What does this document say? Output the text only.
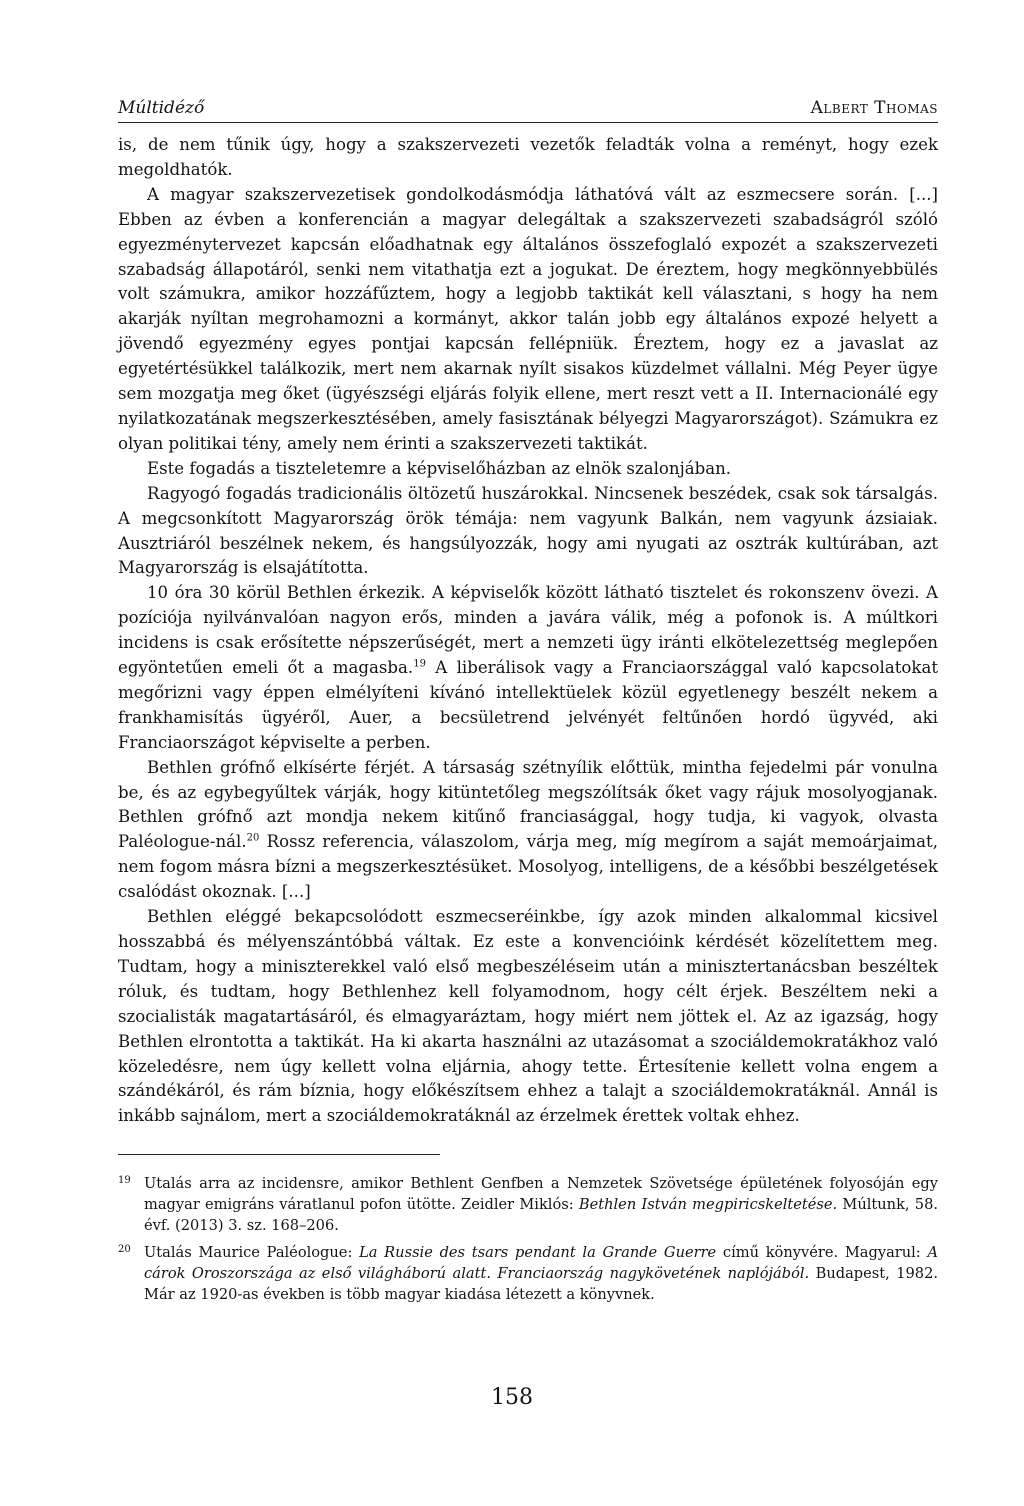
Múltidéző	Albert Thomas

is, de nem tűnik úgy, hogy a szakszervezeti vezetők feladták volna a reményt, hogy ezek megoldhatók.

A magyar szakszervezetisek gondolkodásmódja láthatóvá vált az eszmecsere során. [...] Ebben az évben a konferencián a magyar delegáltak a szakszervezeti szabadságról szóló egyezménytervezet kapcsán előadhatnak egy általános összefoglaló expozét a szakszervezeti szabadság állapotáról, senki nem vitathatja ezt a jogukat. De éreztem, hogy megkönnyebbülés volt számukra, amikor hozzáfűztem, hogy a legjobb taktikát kell választani, s hogy ha nem akarják nyíltan megrohamozni a kormányt, akkor talán jobb egy általános expozé helyett a jövendő egyezmény egyes pontjai kapcsán fellépniük. Éreztem, hogy ez a javaslat az egyetértésükkel találkozik, mert nem akarnak nyílt sisakos küzdelmet vállalni. Még Peyer ügye sem mozgatja meg őket (ügyészségi eljárás folyik ellene, mert reszt vett a II. Internacionálé egy nyilatkozatának megszerkesztésében, amely fasisztának bélyegzi Magyarországot). Számukra ez olyan politikai tény, amely nem érinti a szakszervezeti taktikát.

Este fogadás a tiszteletemre a képviselőházban az elnök szalonjában.

Ragyogó fogadás tradicionális öltözetű huszárokkal. Nincsenek beszédek, csak sok társalgás. A megcsonkított Magyarország örök témája: nem vagyunk Balkán, nem vagyunk ázsiaiak. Ausztriáról beszélnek nekem, és hangsúlyozzák, hogy ami nyugati az osztrák kultúrában, azt Magyarország is elsajátította.

10 óra 30 körül Bethlen érkezik. A képviselők között látható tisztelet és rokonszenv övezi. A pozíciója nyilvánvalóan nagyon erős, minden a javára válik, még a pofonok is. A múltkori incidens is csak erősítette népszerűségét, mert a nemzeti ügy iránti elkötelezettség meglepően egyöntetűen emeli őt a magasba.$^{19}$ A liberálisok vagy a Franciaországgal való kapcsolatokat megőrizni vagy éppen elmélyíteni kívánó intellektüelek közül egyetlenegy beszélt nekem a frankhamisítás ügyéről, Auer, a becsületrend jelvényét feltűnően hordó ügyvéd, aki Franciaországot képviselte a perben.

Bethlen grófnő elkísérte férjét. A társaság szétnyílik előttük, mintha fejedelmi pár vonulna be, és az egybegyűltek várják, hogy kitüntetőleg megszólítsák őket vagy rájuk mosolyogjanak. Bethlen grófnő azt mondja nekem kitűnő franciasággal, hogy tudja, ki vagyok, olvasta Paléologue-nál.$^{20}$ Rossz referencia, válaszolom, várja meg, míg megírom a saját memoárjaimat, nem fogom másra bízni a megszerkesztésüket. Mosolyog, intelligens, de a későbbi beszélgetések csalódást okoznak. [...]

Bethlen eléggé bekapcsolódott eszmecseréinkbe, így azok minden alkalommal kicsivel hosszabbá és mélyenszántóbbá váltak. Ez este a konvencióink kérdését közelítettem meg. Tudtam, hogy a miniszterekkel való első megbeszéléseim után a minisztertanácsban beszéltek róluk, és tudtam, hogy Bethlenhez kell folyamodnom, hogy célt érjek. Beszéltem neki a szocialisták magatartásáról, és elmagyaráztam, hogy miért nem jöttek el. Az az igazság, hogy Bethlen elrontotta a taktikát. Ha ki akarta használni az utazásomat a szociáldemokratákhoz való közeledésre, nem úgy kellett volna eljárnia, ahogy tette. Értesítenie kellett volna engem a szándékáról, és rám bíznia, hogy előkészítsem ehhez a talajt a szociáldemokratáknál. Annál is inkább sajnálom, mert a szociáldemokratáknál az érzelmek érettek voltak ehhez.

19 Utalás arra az incidensre, amikor Bethlent Genfben a Nemzetek Szövetsége épületének folyosóján egy magyar emigráns váratlanul pofon ütötte. Zeidler Miklós: Bethlen István megpiricskeltetése. Múltunk, 58. évf. (2013) 3. sz. 168–206.
20 Utalás Maurice Paléologue: La Russie des tsars pendant la Grande Guerre című könyvére. Magyarul: A cárok Oroszországa az első világháború alatt. Franciaország nagykövetének naplójából. Budapest, 1982. Már az 1920-as években is több magyar kiadása létezett a könyvnek.
158
